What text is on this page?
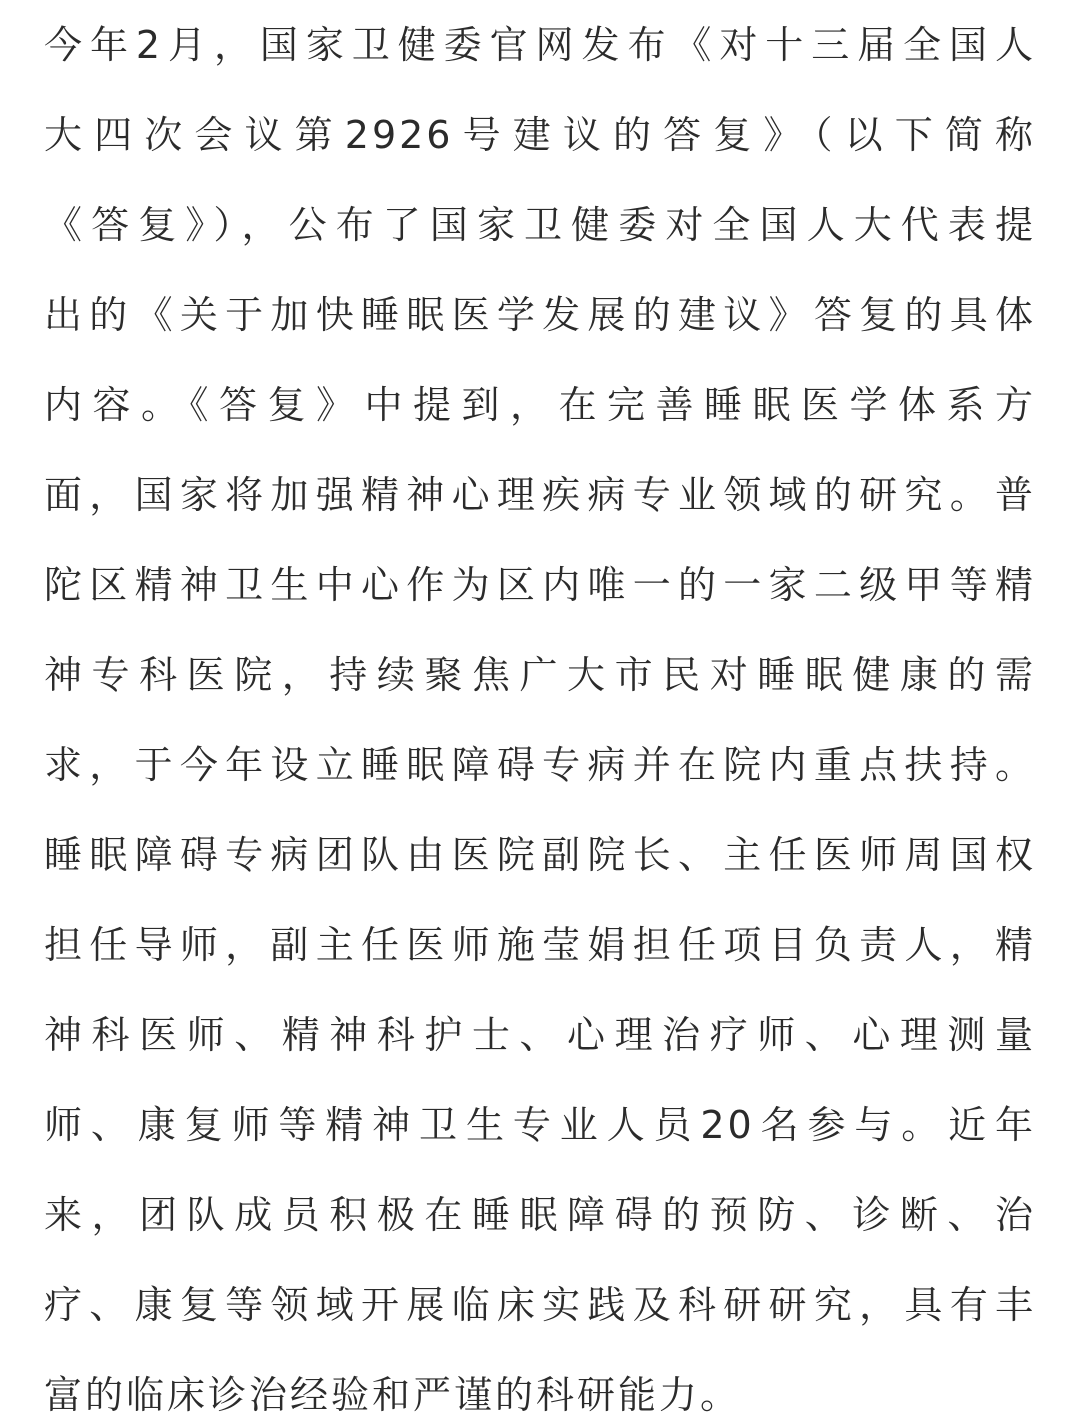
今年2月，国家卫健委官网发布《对十三届全国人
大四次会议第2926号建议的答复》（以下简称
《答复》），公布了国家卫健委对全国人大代表提
出的《关于加快睡眠医学发展的建议》答复的具体
内容。《答复》中提到，在完善睡眠医学体系方
面，国家将加强精神心理疾病专业领域的研究。普
陀区精神卫生中心作为区内唯一的一家二级甲等精
神专科医院，持续聚焦广大市民对睡眠健康的需
求，于今年设立睡眠障碍专病并在院内重点扶持。
睡眠障碍专病团队由医院副院长、主任医师周国权
担任导师，副主任医师施莹娟担任项目负责人，精
神科医师、精神科护士、心理治疗师、心理测量
师、康复师等精神卫生专业人员20名参与。近年
来，团队成员积极在睡眠障碍的预防、诊断、治
疗、康复等领域开展临床实践及科研研究，具有丰
富的临床诊治经验和严谨的科研能力。
